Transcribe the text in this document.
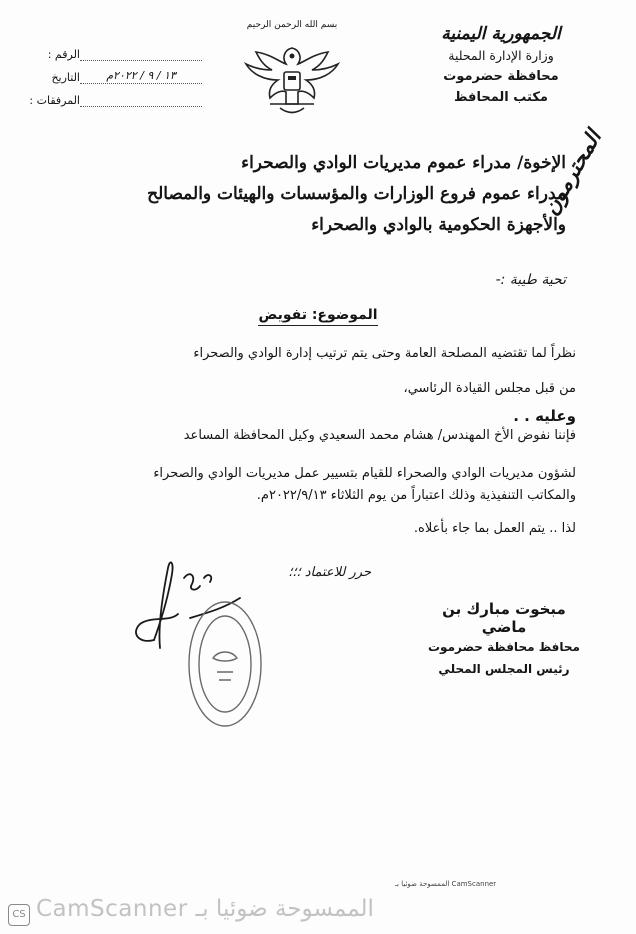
الجمهورية اليمنية
وزارة الإدارة المحلية
محافظة حضرموت
مكتب المحافظ
بسم الله الرحمن الرحيم
الرقم :
التاريخ	١٣ / ٩ / ٢٠٢٢م
المرفقات :
الإخوة/ مدراء عموم مديريات الوادي والصحراء
مدراء عموم فروع الوزارات والمؤسسات والهيئات والمصالح
والأجهزة الحكومية بالوادي والصحراء
المحترمون
تحية طيبة :-
الموضوع: تفويض
نظراً لما تقتضيه المصلحة العامة وحتى يتم ترتيب إدارة الوادي والصحراء
من قبل مجلس القيادة الرئاسي،
وعليه . .
فإننا نفوض الأخ المهندس/ هشام محمد السعيدي وكيل المحافظة المساعد
لشؤون مديريات الوادي والصحراء للقيام بتسيير عمل مديريات الوادي والصحراء
والمكاتب التنفيذية وذلك اعتباراً من يوم الثلاثاء ٢٠٢٢/٩/١٣م.
لذا .. يتم العمل بما جاء بأعلاه.
حرر للاعتماد ؛؛؛
مبخوت مبارك بن ماضي
محافظ محافظة حضرموت
رئيس المجلس المحلي
الممسوحة ضوئيا بـ CamScanner
CS CamScanner الممسوحة ضوئيا بـ
